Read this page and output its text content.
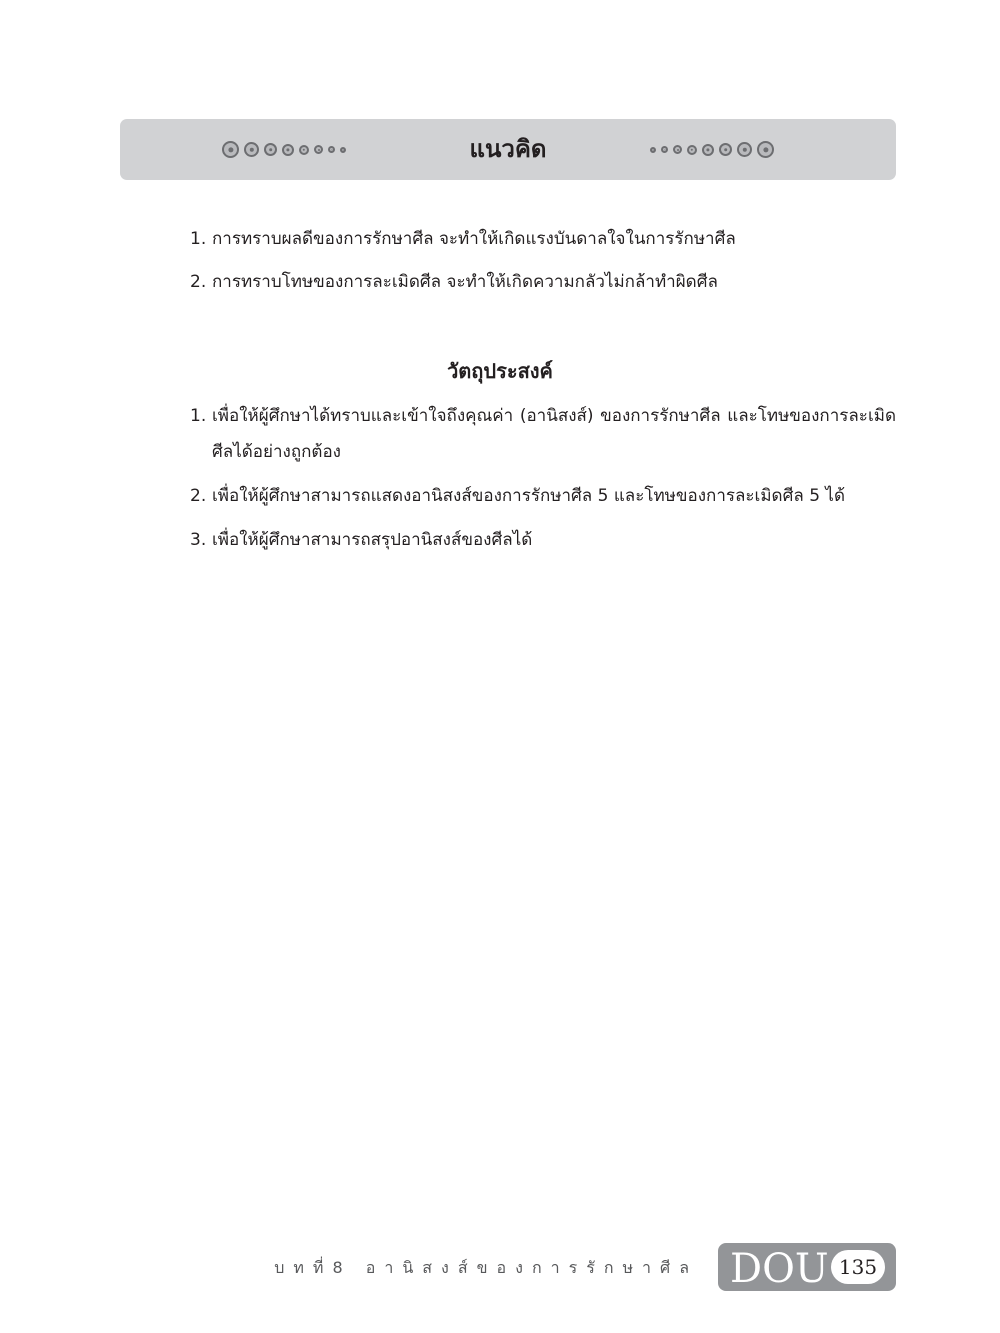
แนวคิด
1. การทราบผลดีของการรักษาศีล จะทำให้เกิดแรงบันดาลใจในการรักษาศีล
2. การทราบโทษของการละเมิดศีล จะทำให้เกิดความกลัวไม่กล้าทำผิดศีล
วัตถุประสงค์
1. เพื่อให้ผู้ศึกษาได้ทราบและเข้าใจถึงคุณค่า (อานิสงส์) ของการรักษาศีล และโทษของการละเมิดศีลได้อย่างถูกต้อง
2. เพื่อให้ผู้ศึกษาสามารถแสดงอานิสงส์ของการรักษาศีล 5 และโทษของการละเมิดศีล 5 ได้
3. เพื่อให้ผู้ศึกษาสามารถสรุปอานิสงส์ของศีลได้
บทที่8 อานิสงส์ของการรักษาศีล DOU 135
